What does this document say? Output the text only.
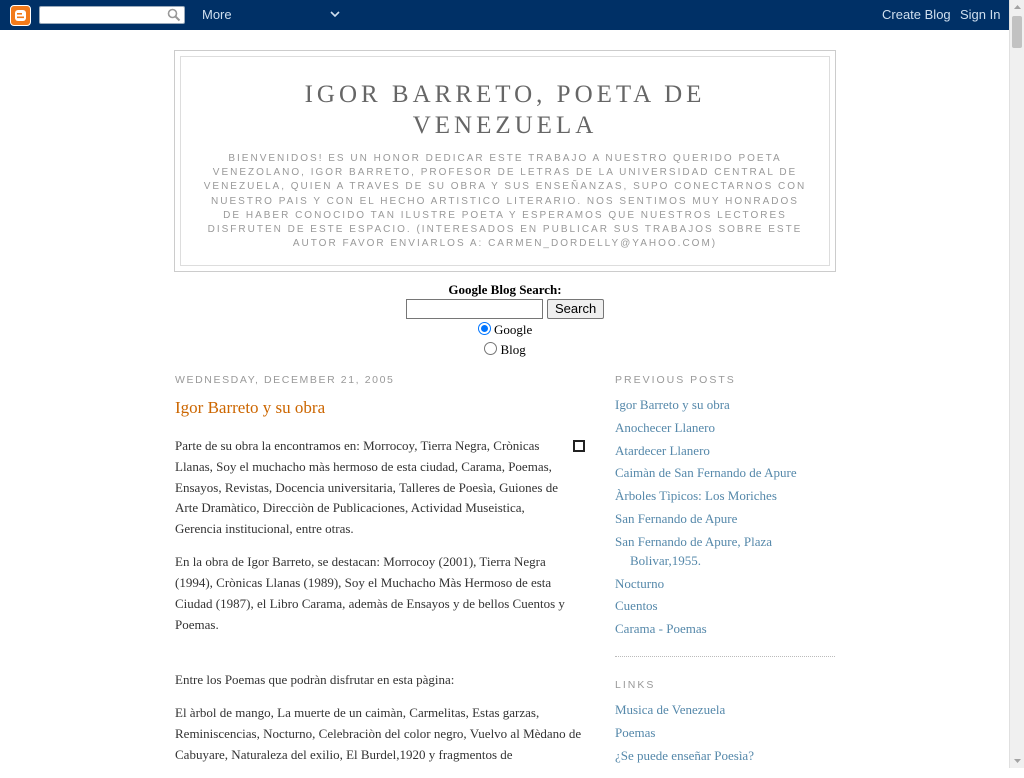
More	Create Blog Sign In
IGOR BARRETO, POETA DE VENEZUELA

BIENVENIDOS! ES UN HONOR DEDICAR ESTE TRABAJO A NUESTRO QUERIDO POETA VENEZOLANO, IGOR BARRETO, PROFESOR DE LETRAS DE LA UNIVERSIDAD CENTRAL DE VENEZUELA, QUIEN A TRAVES DE SU OBRA Y SUS ENSEÑANZAS, SUPO CONECTARNOS CON NUESTRO PAIS Y CON EL HECHO ARTISTICO LITERARIO. NOS SENTIMOS MUY HONRADOS DE HABER CONOCIDO TAN ILUSTRE POETA Y ESPERAMOS QUE NUESTROS LECTORES DISFRUTEN DE ESTE ESPACIO. (INTERESADOS EN PUBLICAR SUS TRABAJOS SOBRE ESTE AUTOR FAVOR ENVIARLOS A: CARMEN_DORDELLY@YAHOO.COM)

Google Blog Search:
Search
Google
Blog
WEDNESDAY, DECEMBER 21, 2005
Igor Barreto y su obra

Parte de su obra la encontramos en: Morrocoy, Tierra Negra, Crònicas Llanas, Soy el muchacho màs hermoso de esta ciudad, Carama, Poemas, Ensayos, Revistas, Docencia universitaria, Talleres de Poesìa, Guiones de Arte Dramàtico, Direcciòn de Publicaciones, Actividad Museistica, Gerencia institucional, entre otras.

En la obra de Igor Barreto, se destacan: Morrocoy (2001), Tierra Negra (1994), Crònicas Llanas (1989), Soy el Muchacho Màs Hermoso de esta Ciudad (1987), el Libro Carama, ademàs de Ensayos y de bellos Cuentos y Poemas.

Entre los Poemas que podràn disfrutar en esta pàgina:

El àrbol de mango, La muerte de un caimàn, Carmelitas, Estas garzas, Reminiscencias, Nocturno, Celebraciòn del color negro, Vuelvo al Mèdano de Cabuyare, Naturaleza del exilio, El Burdel,1920 y fragmentos de

PREVIOUS POSTS
Igor Barreto y su obra
Anochecer Llanero
Atardecer Llanero
Caimàn de San Fernando de Apure
Àrboles Tìpicos: Los Moriches
San Fernando de Apure
San Fernando de Apure, Plaza Bolivar,1955.
Nocturno
Cuentos
Carama - Poemas
LINKS
Musica de Venezuela
Poemas
¿Se puede enseñar Poesìa?
